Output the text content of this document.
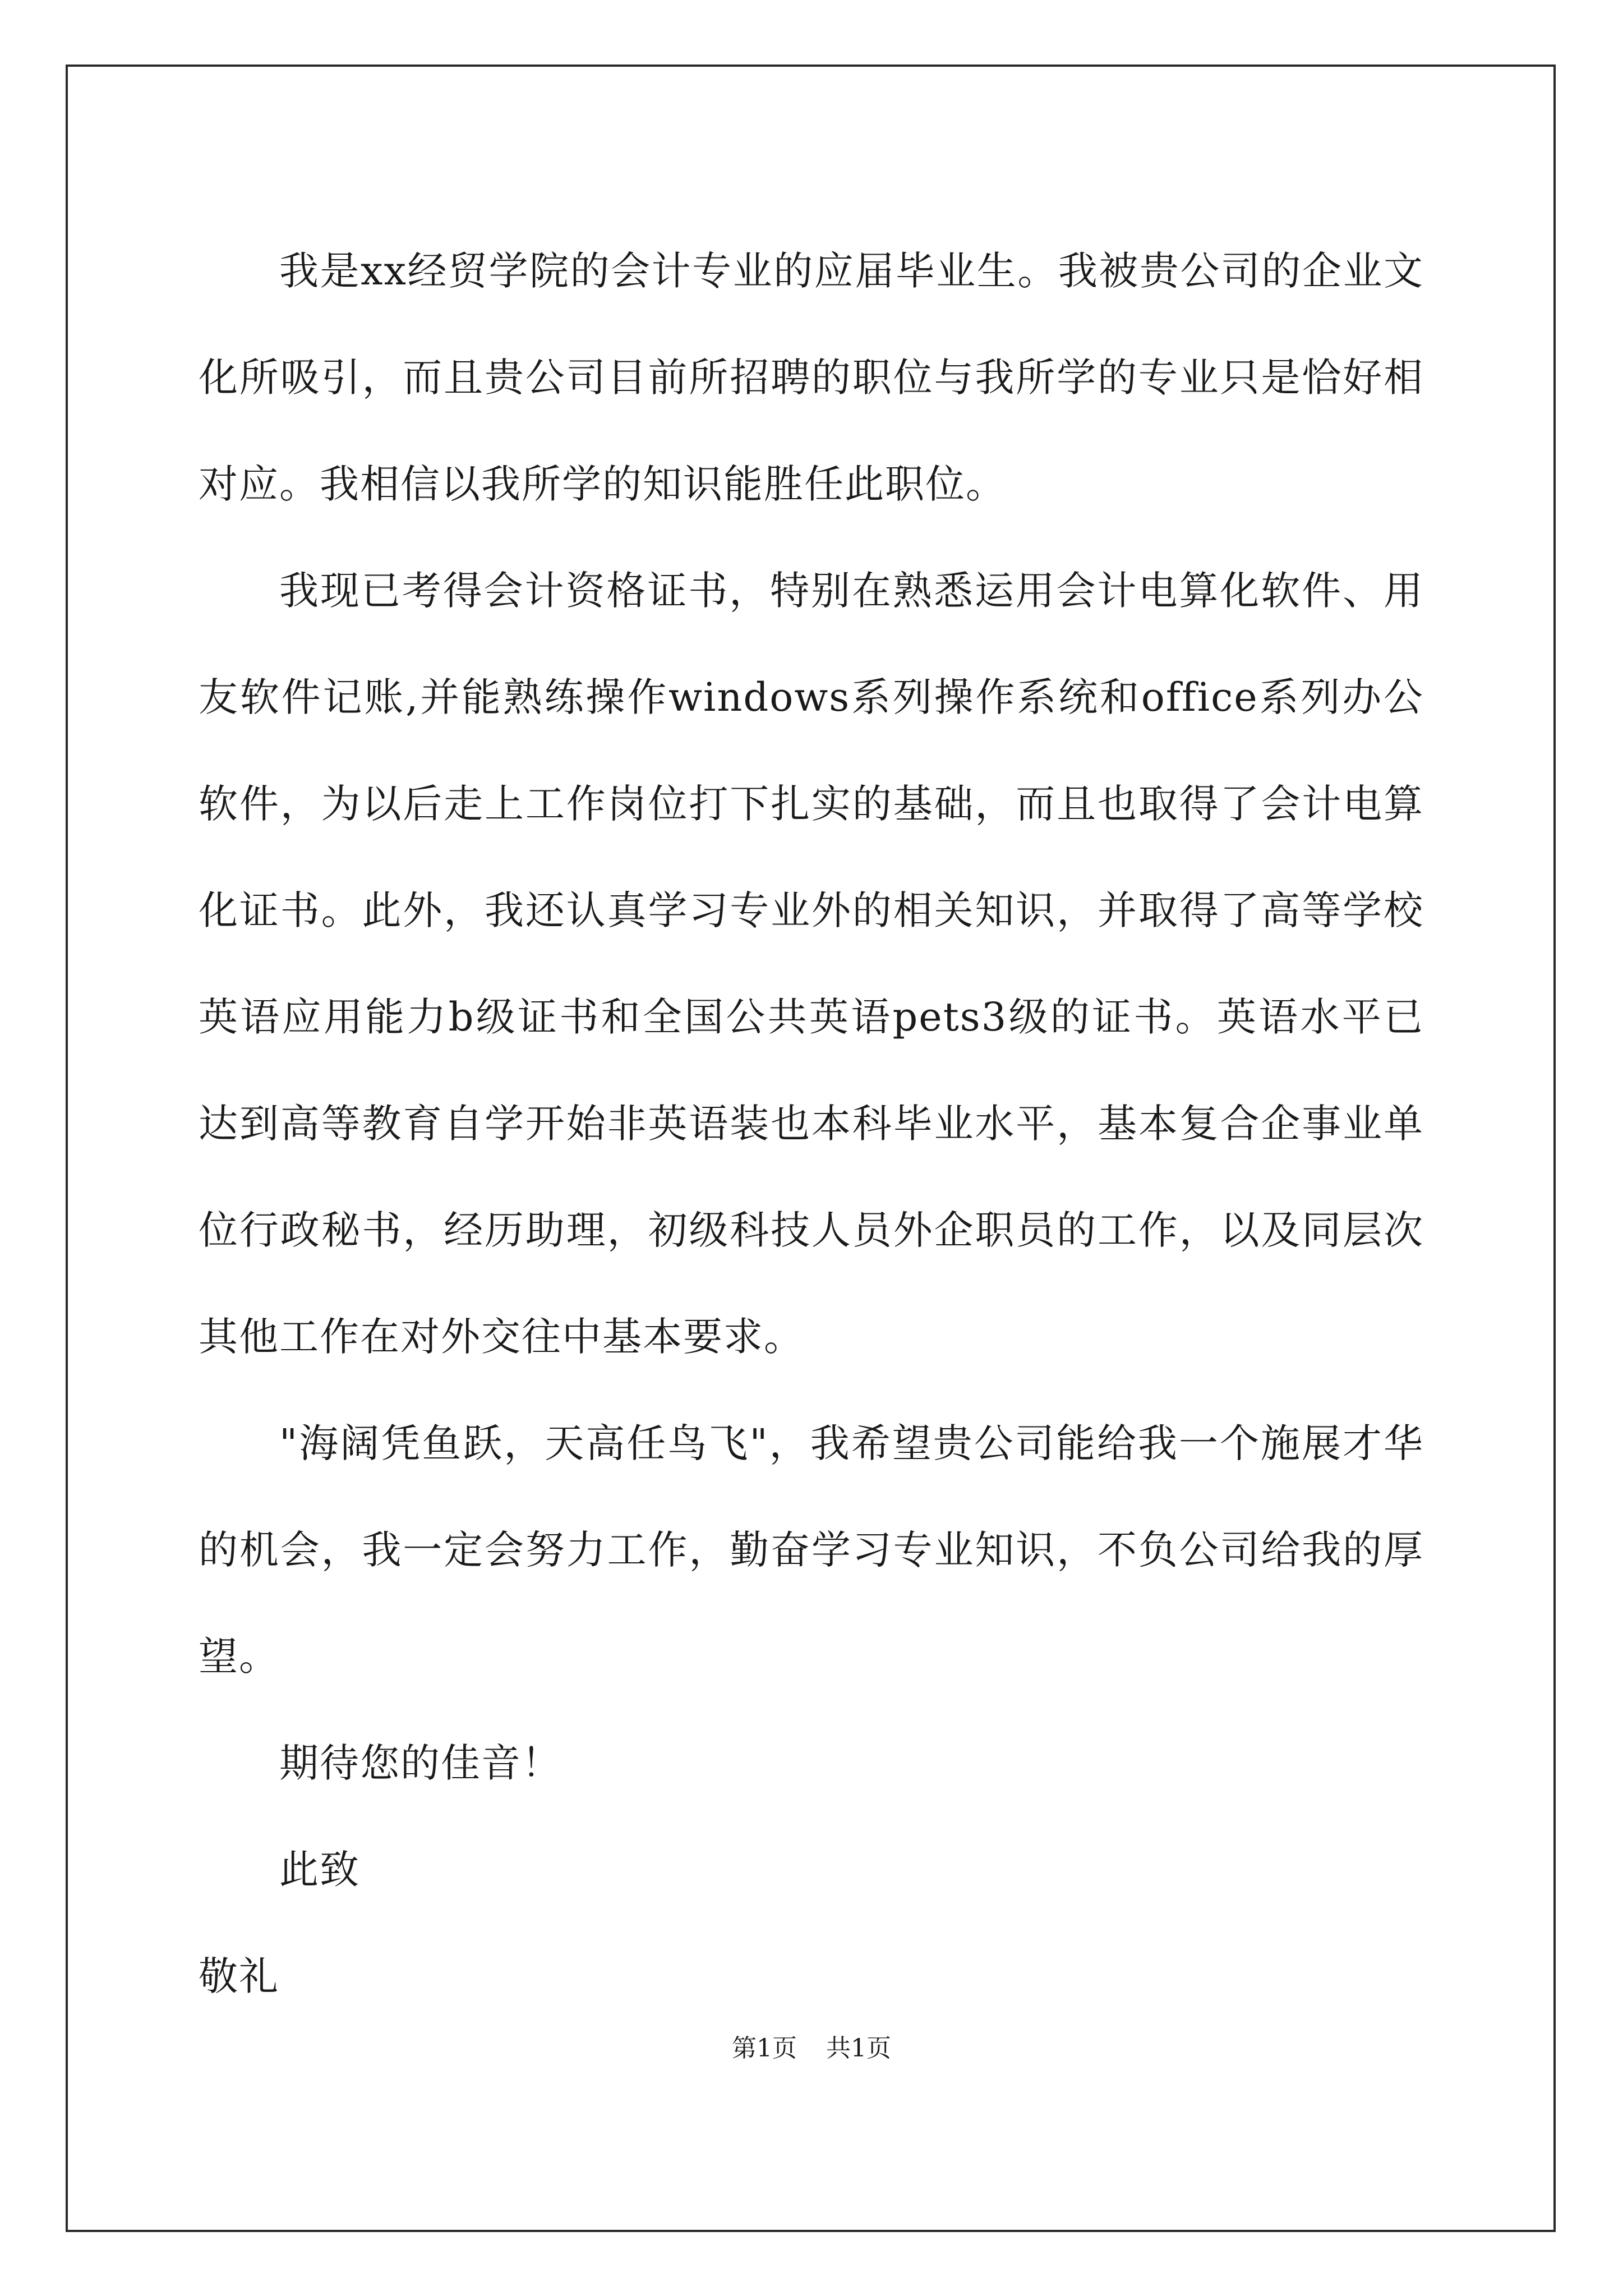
我是xx经贸学院的会计专业的应届毕业生。我被贵公司的企业文化所吸引，而且贵公司目前所招聘的职位与我所学的专业只是恰好相对应。我相信以我所学的知识能胜任此职位。

我现已考得会计资格证书，特别在熟悉运用会计电算化软件、用友软件记账,并能熟练操作windows系列操作系统和office系列办公软件，为以后走上工作岗位打下扎实的基础，而且也取得了会计电算化证书。此外，我还认真学习专业外的相关知识，并取得了高等学校英语应用能力b级证书和全国公共英语pets3级的证书。英语水平已达到高等教育自学开始非英语装也本科毕业水平，基本复合企事业单位行政秘书，经历助理，初级科技人员外企职员的工作，以及同层次其他工作在对外交往中基本要求。

"海阔凭鱼跃，天高任鸟飞"，我希望贵公司能给我一个施展才华的机会，我一定会努力工作，勤奋学习专业知识，不负公司给我的厚望。

期待您的佳音！

此致

敬礼

第1页 共1页
